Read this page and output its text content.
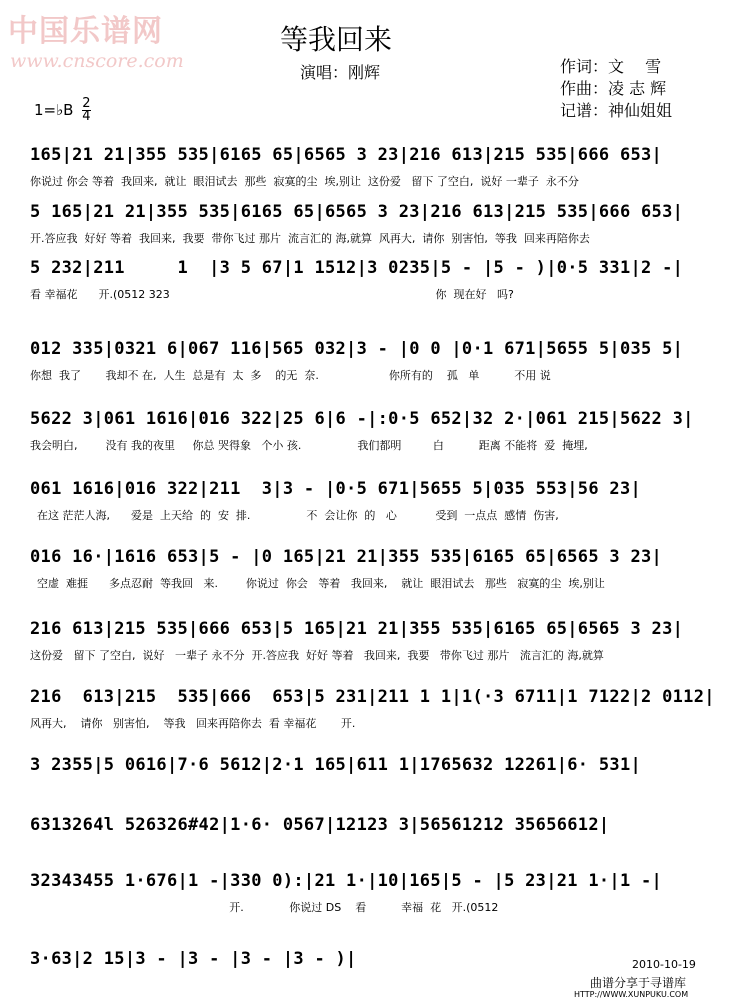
中国乐谱网
www.cnscore.com
等我回来
演唱：刚辉	作词：文　 雪
作曲：凌 志 辉
记谱：神仙姐姐
1=♭B $\frac{2}{4}$
165|21 21|355 535|6165 65|6565 3 23|216 613|215 535|666 653|
你说过 你会 等着  我回来,  就让  眼泪试去  那些  寂寞的尘  埃,别让  这份爱   留下 了空白,  说好 一辈子  永不分
5 165|21 21|355 535|6165 65|6565 3 23|216 613|215 535|666 653|
开.答应我  好好 等着  我回来,  我要  带你飞过 那片  流言汇的 海,就算  风再大,  请你  别害怕,  等我  回来再陪你去
5 232|211     1  |3 5 67|1 1512|3 0235|5 - |5 - )|0·5 331|2 -|
看 幸福花      开.(0512 323                                                                            你  现在好   吗?
012 335|0321 6|067 116|565 032|3 - |0 0 |0·1 671|5655 5|035 5|
你想  我了       我却不 在,  人生  总是有  太  多    的无  奈.                    你所有的    孤   单          不用 说
5622 3|061 1616|016 322|25 6|6 -|:0·5 652|32 2·|061 215|5622 3|
我会明白,        没有 我的夜里     你总 哭得象   个小 孩.                我们都明         白          距离 不能将  爱  掩埋,
061 1616|016 322|211  3|3 - |0·5 671|5655 5|035 553|56 23|
在这 茫茫人海,      爱是  上天给  的  安  排.                不  会让你  的   心           受到  一点点  感情  伤害,
016 16·|1616 653|5 - |0 165|21 21|355 535|6165 65|6565 3 23|
空虚  难捱      多点忍耐  等我回   来.        你说过  你会   等着   我回来,    就让  眼泪试去   那些   寂寞的尘  埃,别让
216 613|215 535|666 653|5 165|21 21|355 535|6165 65|6565 3 23|
这份爱   留下 了空白,  说好   一辈子 永不分  开.答应我  好好 等着   我回来,  我要   带你飞过 那片   流言汇的 海,就算
216  613|215  535|666  653|5 231|211 1 1|1(·3 6711|1 7122|2 0112|
风再大,    请你   别害怕,    等我   回来再陪你去  看 幸福花       开.
3 2355|5 0616|7·6 5612|2·1 165|611 1|1765632 12261|6· 531|
6313264l 526326#42|1·6· 0567|12123 3|56561212 35656612|
32343455 1·676|1 -|330 0):|21 1·|10|165|5 - |5 23|21 1·|1 -|
开.             你说过 DS    看          幸福  花   开.(0512
3·63|2 15|3 - |3 - |3 - |3 - )|	2010-10-19
曲谱分享于寻谱库
HTTP://WWW.XUNPUKU.COM
